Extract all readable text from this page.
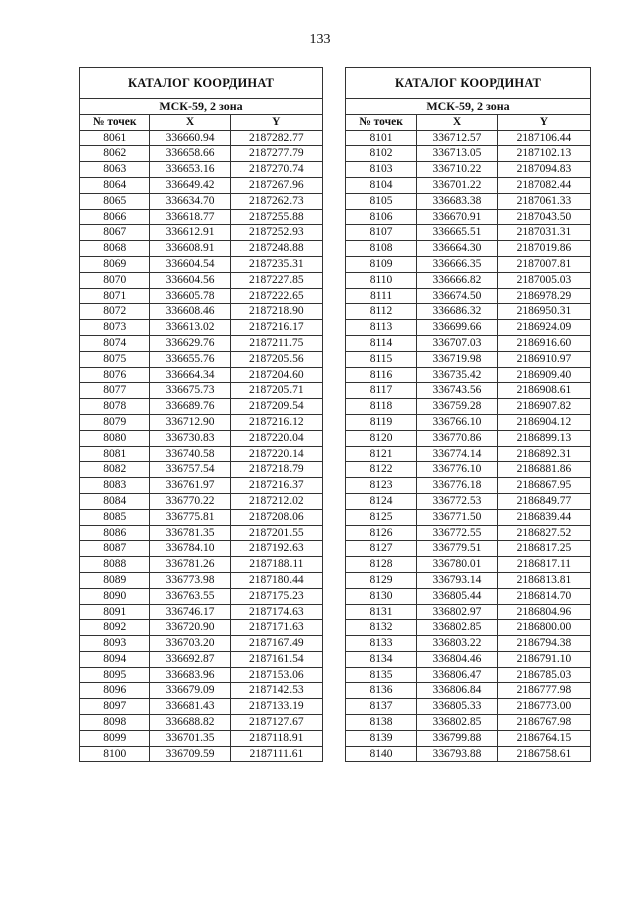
133
КАТАЛОГ КООРДИНАТ		
МСК-59, 2 зона		
№ точек	X	Y
8061	336660.94	2187282.77
8062	336658.66	2187277.79
8063	336653.16	2187270.74
8064	336649.42	2187267.96
8065	336634.70	2187262.73
8066	336618.77	2187255.88
8067	336612.91	2187252.93
8068	336608.91	2187248.88
8069	336604.54	2187235.31
8070	336604.56	2187227.85
8071	336605.78	2187222.65
8072	336608.46	2187218.90
8073	336613.02	2187216.17
8074	336629.76	2187211.75
8075	336655.76	2187205.56
8076	336664.34	2187204.60
8077	336675.73	2187205.71
8078	336689.76	2187209.54
8079	336712.90	2187216.12
8080	336730.83	2187220.04
8081	336740.58	2187220.14
8082	336757.54	2187218.79
8083	336761.97	2187216.37
8084	336770.22	2187212.02
8085	336775.81	2187208.06
8086	336781.35	2187201.55
8087	336784.10	2187192.63
8088	336781.26	2187188.11
8089	336773.98	2187180.44
8090	336763.55	2187175.23
8091	336746.17	2187174.63
8092	336720.90	2187171.63
8093	336703.20	2187167.49
8094	336692.87	2187161.54
8095	336683.96	2187153.06
8096	336679.09	2187142.53
8097	336681.43	2187133.19
8098	336688.82	2187127.67
8099	336701.35	2187118.91
8100	336709.59	2187111.61
КАТАЛОГ КООРДИНАТ		
МСК-59, 2 зона		
№ точек	X	Y
8101	336712.57	2187106.44
8102	336713.05	2187102.13
8103	336710.22	2187094.83
8104	336701.22	2187082.44
8105	336683.38	2187061.33
8106	336670.91	2187043.50
8107	336665.51	2187031.31
8108	336664.30	2187019.86
8109	336666.35	2187007.81
8110	336666.82	2187005.03
8111	336674.50	2186978.29
8112	336686.32	2186950.31
8113	336699.66	2186924.09
8114	336707.03	2186916.60
8115	336719.98	2186910.97
8116	336735.42	2186909.40
8117	336743.56	2186908.61
8118	336759.28	2186907.82
8119	336766.10	2186904.12
8120	336770.86	2186899.13
8121	336774.14	2186892.31
8122	336776.10	2186881.86
8123	336776.18	2186867.95
8124	336772.53	2186849.77
8125	336771.50	2186839.44
8126	336772.55	2186827.52
8127	336779.51	2186817.25
8128	336780.01	2186817.11
8129	336793.14	2186813.81
8130	336805.44	2186814.70
8131	336802.97	2186804.96
8132	336802.85	2186800.00
8133	336803.22	2186794.38
8134	336804.46	2186791.10
8135	336806.47	2186785.03
8136	336806.84	2186777.98
8137	336805.33	2186773.00
8138	336802.85	2186767.98
8139	336799.88	2186764.15
8140	336793.88	2186758.61
